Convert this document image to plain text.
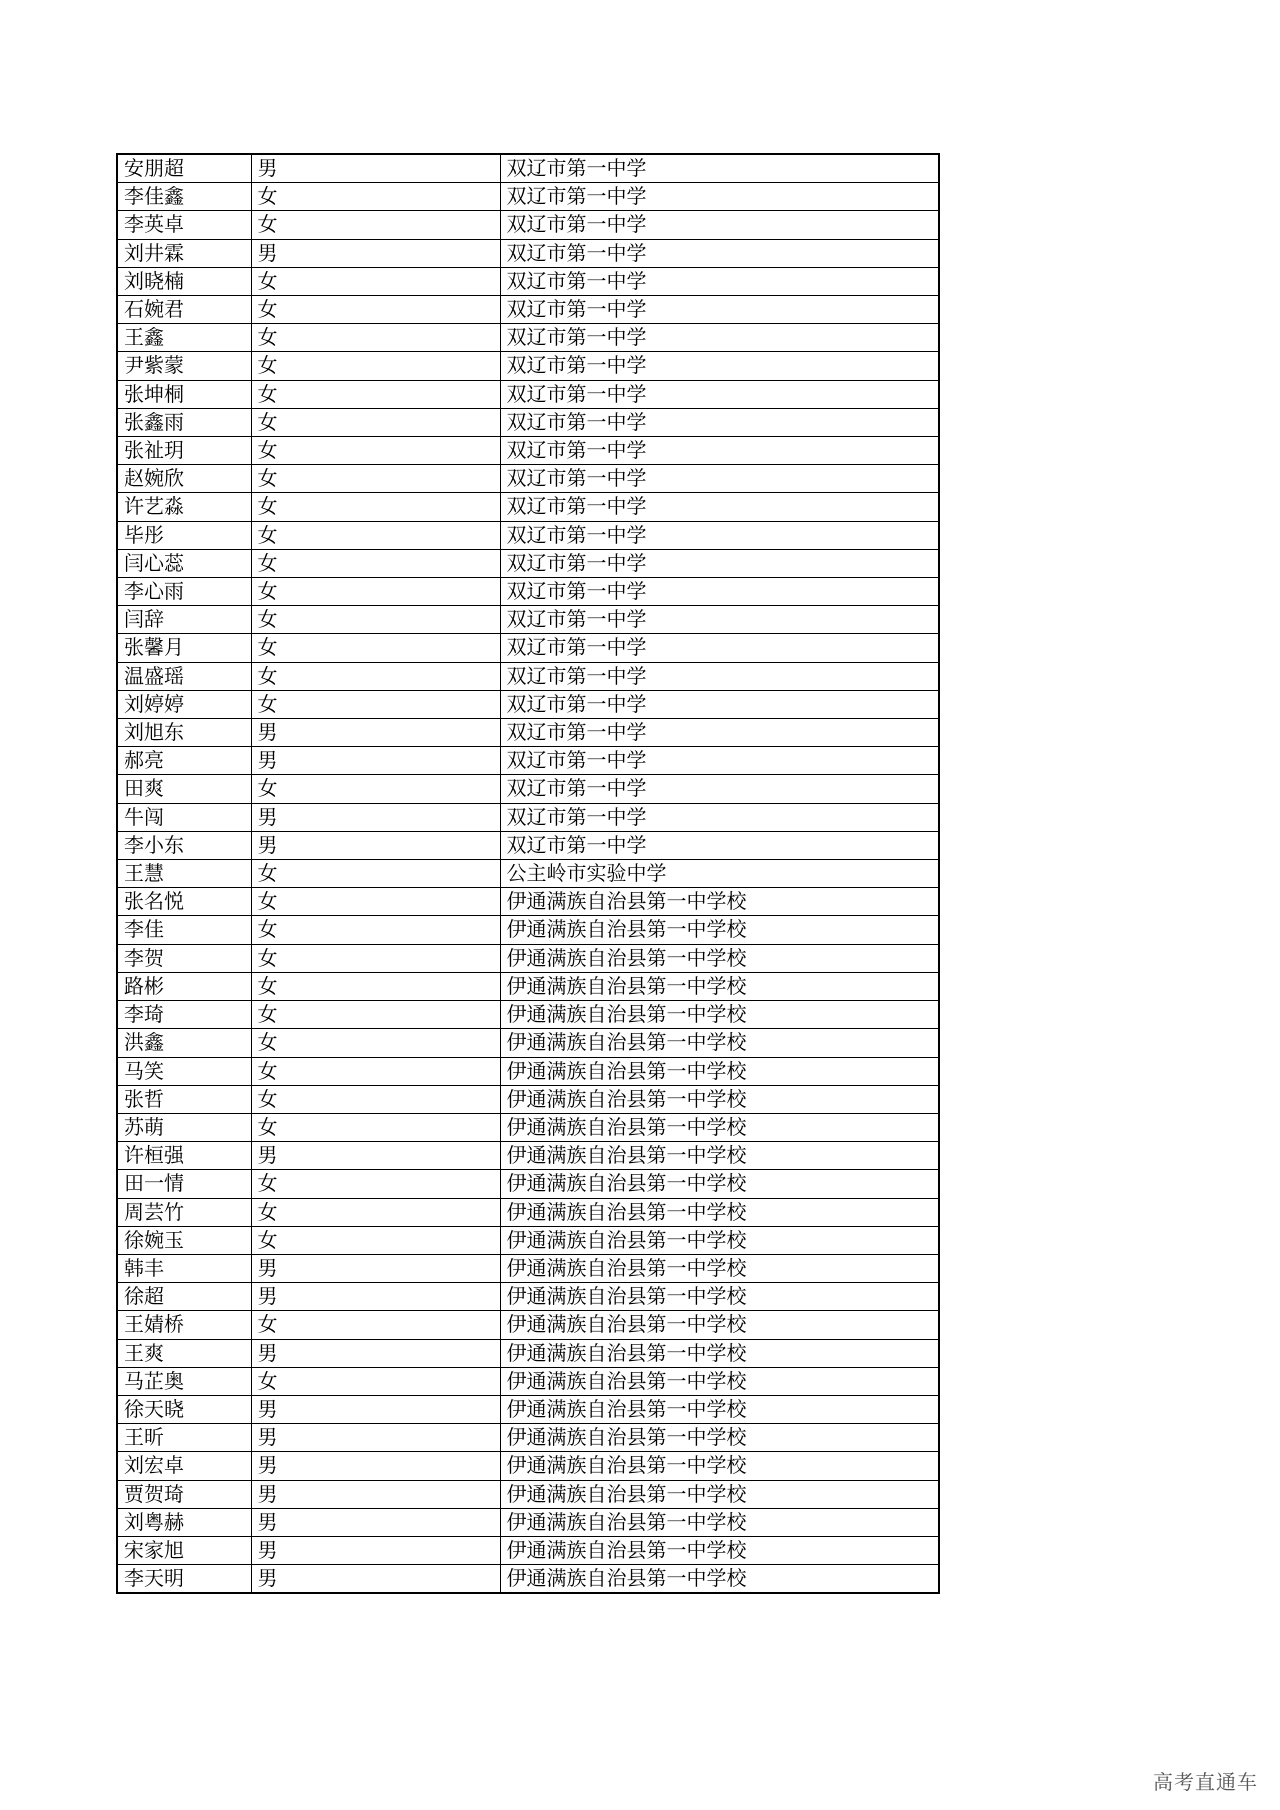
安朋超	男	双辽市第一中学
李佳鑫	女	双辽市第一中学
李英卓	女	双辽市第一中学
刘井霖	男	双辽市第一中学
刘晓楠	女	双辽市第一中学
石婉君	女	双辽市第一中学
王鑫	女	双辽市第一中学
尹紫蒙	女	双辽市第一中学
张坤桐	女	双辽市第一中学
张鑫雨	女	双辽市第一中学
张祉玥	女	双辽市第一中学
赵婉欣	女	双辽市第一中学
许艺淼	女	双辽市第一中学
毕彤	女	双辽市第一中学
闫心蕊	女	双辽市第一中学
李心雨	女	双辽市第一中学
闫辞	女	双辽市第一中学
张馨月	女	双辽市第一中学
温盛瑶	女	双辽市第一中学
刘婷婷	女	双辽市第一中学
刘旭东	男	双辽市第一中学
郝亮	男	双辽市第一中学
田爽	女	双辽市第一中学
牛闯	男	双辽市第一中学
李小东	男	双辽市第一中学
王慧	女	公主岭市实验中学
张名悦	女	伊通满族自治县第一中学校
李佳	女	伊通满族自治县第一中学校
李贺	女	伊通满族自治县第一中学校
路彬	女	伊通满族自治县第一中学校
李琦	女	伊通满族自治县第一中学校
洪鑫	女	伊通满族自治县第一中学校
马笑	女	伊通满族自治县第一中学校
张哲	女	伊通满族自治县第一中学校
苏萌	女	伊通满族自治县第一中学校
许桓强	男	伊通满族自治县第一中学校
田一情	女	伊通满族自治县第一中学校
周芸竹	女	伊通满族自治县第一中学校
徐婉玉	女	伊通满族自治县第一中学校
韩丰	男	伊通满族自治县第一中学校
徐超	男	伊通满族自治县第一中学校
王婧桥	女	伊通满族自治县第一中学校
王爽	男	伊通满族自治县第一中学校
马芷奥	女	伊通满族自治县第一中学校
徐天晓	男	伊通满族自治县第一中学校
王昕	男	伊通满族自治县第一中学校
刘宏卓	男	伊通满族自治县第一中学校
贾贺琦	男	伊通满族自治县第一中学校
刘粤赫	男	伊通满族自治县第一中学校
宋家旭	男	伊通满族自治县第一中学校
李天明	男	伊通满族自治县第一中学校
高考直通车
